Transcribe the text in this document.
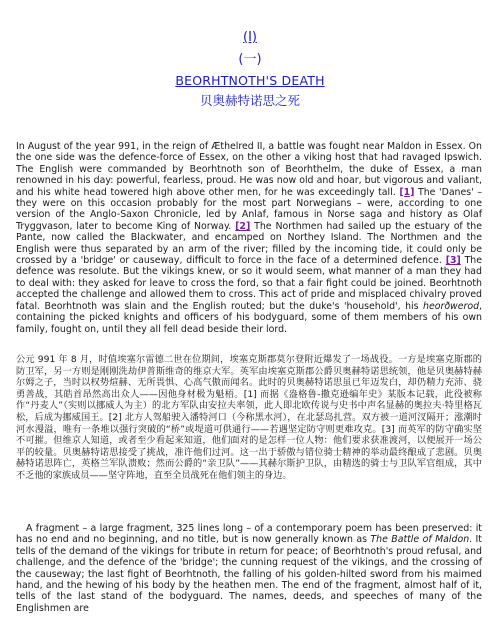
(I)
(一)
BEORHTNOTH'S DEATH
贝奥赫特诺思之死

In August of the year 991, in the reign of Æthelred II, a battle was fought near Maldon in Essex. On the one side was the defence-force of Essex, on the other a viking host that had ravaged Ipswich. The English were commanded by Beorhtnoth son of Beorhthelm, the duke of Essex, a man renowned in his day: powerful, fearless, proud. He was now old and hoar, but vigorous and valiant, and his white head towered high above other men, for he was exceedingly tall. [1] The 'Danes' – they were on this occasion probably for the most part Norwegians – were, according to one version of the Anglo-Saxon Chronicle, led by Anlaf, famous in Norse saga and history as Olaf Tryggvason, later to become King of Norway. [2] The Northmen had sailed up the estuary of the Pante, now called the Blackwater, and encamped on Northey Island. The Northmen and the English were thus separated by an arm of the river; filled by the incoming tide, it could only be crossed by a 'bridge' or causeway, difficult to force in the face of a determined defence. [3] The defence was resolute. But the vikings knew, or so it would seem, what manner of a man they had to deal with: they asked for leave to cross the ford, so that a fair fight could be joined. Beorhtnoth accepted the challenge and allowed them to cross. This act of pride and misplaced chivalry proved fatal. Beorhtnoth was slain and the English routed; but the duke's 'household', his heorðwerod, containing the picked knights and officers of his bodyguard, some of them members of his own family, fought on, until they all fell dead beside their lord.

公元 991 年 8 月，时值埃塞尔雷德二世在位期间，埃塞克斯郡莫尔登附近爆发了一场战役。一方是埃塞克斯郡的防卫军，另一方则是刚刚洗劫伊普斯维奇的维京大军。英军由埃塞克斯郡公爵贝奥赫特诺思统领，他是贝奥赫特赫尔姆之子，当时以权势煊赫、无所畏惧、心高气傲而闻名。此时的贝奥赫特诺思虽已年迈发白，却仍精力充沛、骁勇善战，其皓首昂然高出众人——因他身材极为魁梧。[1] 而据《盎格鲁-撒克逊编年史》某版本记载，此役被称作“丹麦人”（实则以挪威人为主）的北方军队由安拉夫率领，此人即北欧传说与史书中声名显赫的奥拉夫·特里格瓦松，后成为挪威国王。[2] 北方人驾船驶入潘特河口（今称黑水河），在北瑟岛扎营。双方被一道河汊隔开；涨潮时河水漫溢，唯有一条堆以强行突破的“桥”或堤道可供通行——若遇坚定防守则更难攻克。[3] 而英军的防守确实坚不可摧。但维京人知道，或者至少看起来知道，他们面对的是怎样一位人物：他们要求获准渡河，以便展开一场公平的较量。贝奥赫特诺思接受了挑战，准许他们过河。这一出于骄傲与错位骑士精神的举动最终酿成了悲剧。贝奥赫特诺思阵亡，英格兰军队溃败；然而公爵的“亲卫队”——其赫尔斯护卫队，由精选的骑士与卫队军官组成，其中不乏他的家族成员——坚守阵地，直至全员战死在他们领主的身边。

A fragment – a large fragment, 325 lines long – of a contemporary poem has been preserved: it has no end and no beginning, and no title, but is now generally known as The Battle of Maldon. It tells of the demand of the vikings for tribute in return for peace; of Beorhtnoth's proud refusal, and challenge, and the defence of the 'bridge'; the cunning request of the vikings, and the crossing of the causeway; the last fight of Beorhtnoth, the falling of his golden-hilted sword from his maimed hand, and the hewing of his body by the heathen men. The end of the fragment, almost half of it, tells of the last stand of the bodyguard. The names, deeds, and speeches of many of the Englishmen are
